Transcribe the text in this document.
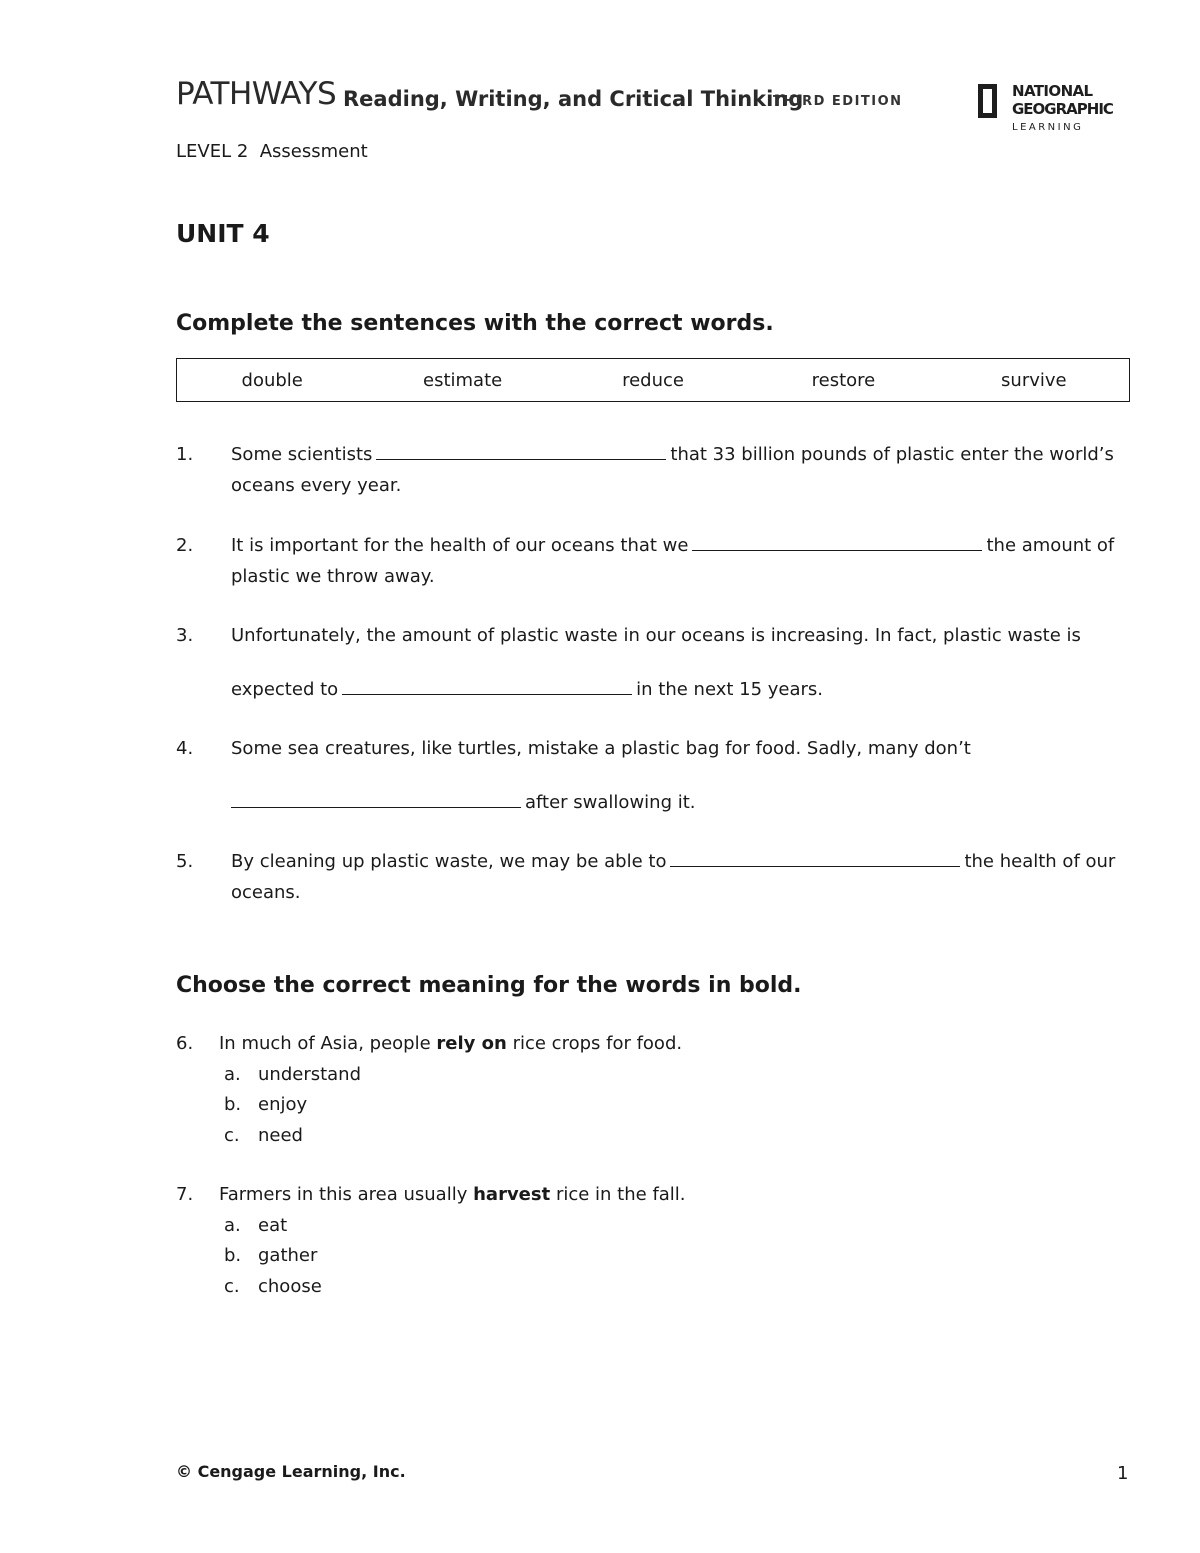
PATHWAYS Reading, Writing, and Critical Thinking
THIRD EDITION
NATIONAL
GEOGRAPHIC
LEARNING
LEVEL 2  Assessment
UNIT 4
Complete the sentences with the correct words.
double	estimate	reduce	restore	survive
1. Some scientists	that 33 billion pounds of plastic enter the world’s
oceans every year.
2. It is important for the health of our oceans that we	the amount of
plastic we throw away.
3. Unfortunately, the amount of plastic waste in our oceans is increasing. In fact, plastic waste is
expected to	in the next 15 years.
4. Some sea creatures, like turtles, mistake a plastic bag for food. Sadly, many don’t
after swallowing it.
5. By cleaning up plastic waste, we may be able to	the health of our
oceans.
Choose the correct meaning for the words in bold.
6. In much of Asia, people rely on rice crops for food.
a. understand
b. enjoy
c. need
7. Farmers in this area usually harvest rice in the fall.
a. eat
b. gather
c. choose
© Cengage Learning, Inc.	1
